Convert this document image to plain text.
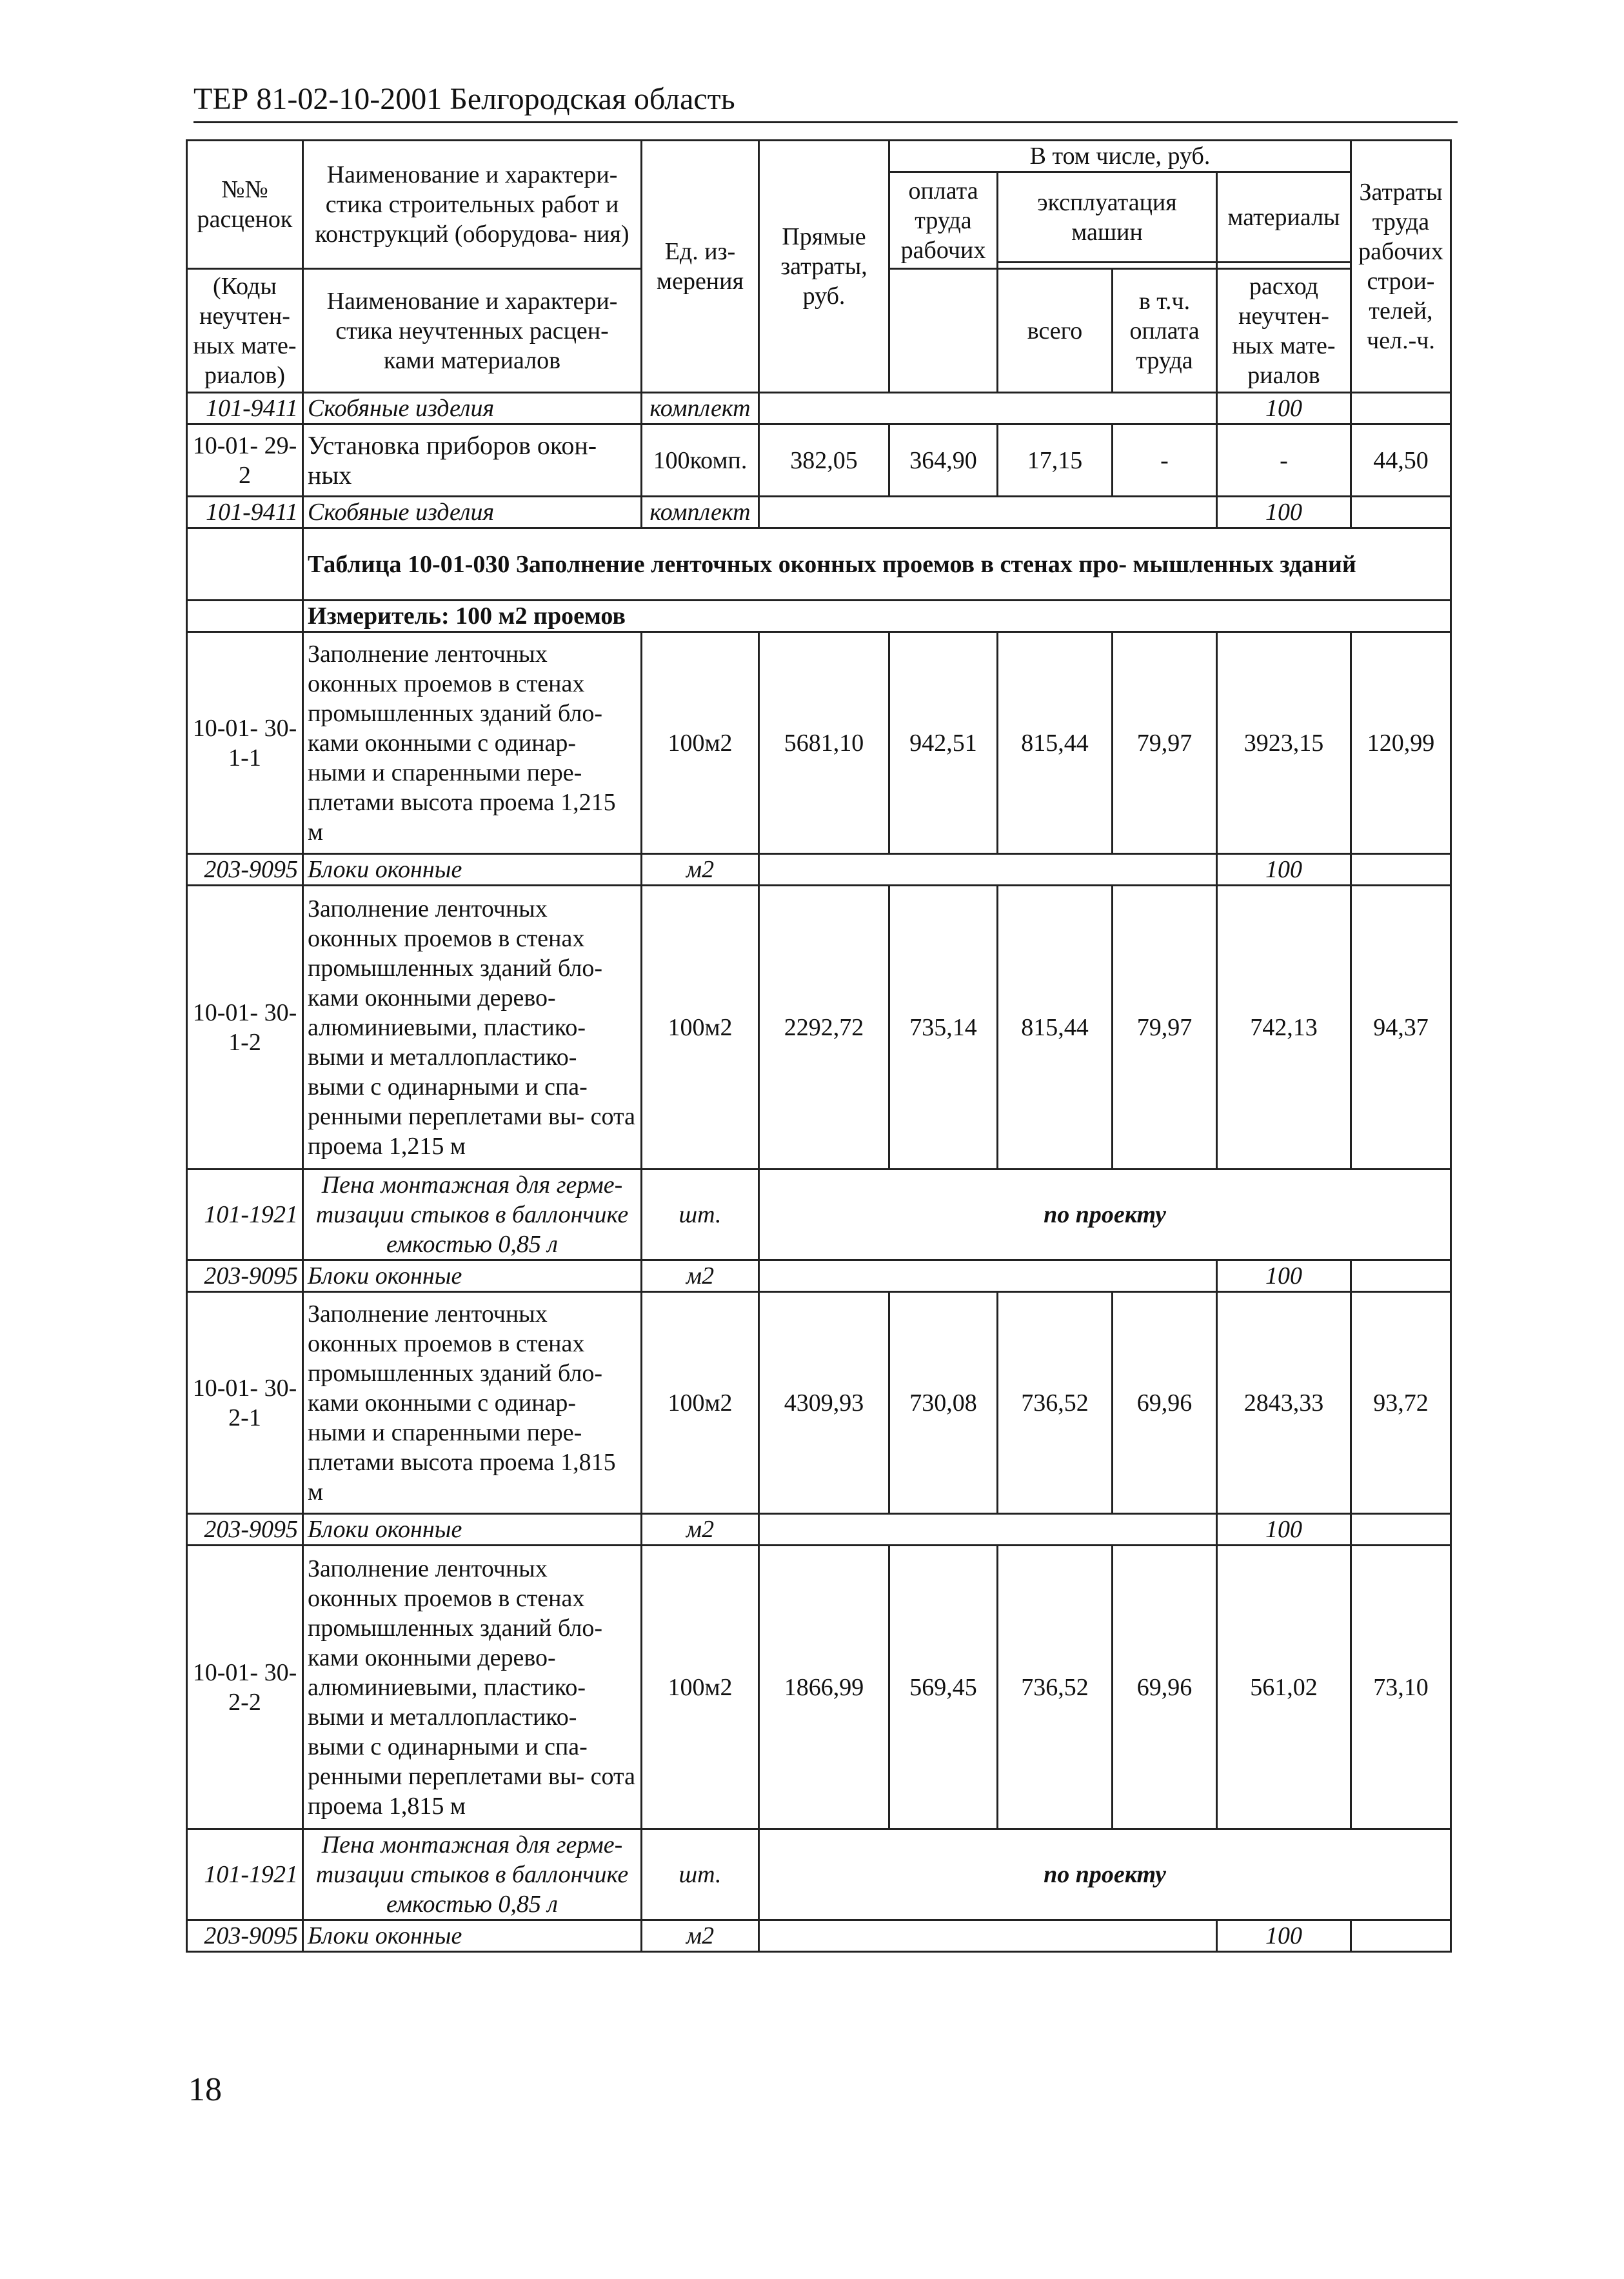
ТЕР 81-02-10-2001 Белгородская область
№№ расценок	Наименование и характери- стика строительных работ и конструкций (оборудова- ния)	Ед. из- мерения	Прямые затраты, руб.	В том числе, руб.				Затраты труда рабочих строи- телей, чел.-ч.
				оплата труда рабочих	эксплуатация машин		материалы	

(Коды неучтен- ных мате- риалов)	Наименование и характери- стика неучтенных расцен- ками материалов				всего	в т.ч. оплата труда	расход неучтен- ных мате- риалов	

101-9411	Скобяные изделия	комплект					100	
10-01- 29-2	Установка приборов окон- ных	100комп.	382,05	364,90	17,15	-	-	44,50
101-9411	Скобяные изделия	комплект					100	
	Таблица 10-01-030 Заполнение ленточных оконных проемов в стенах про- мышленных зданий							
	Измеритель: 100 м2 проемов							
10-01- 30-1-1	Заполнение ленточных оконных проемов в стенах промышленных зданий бло- ками оконными с одинар- ными и спаренными пере- плетами высота проема 1,215 м	100м2	5681,10	942,51	815,44	79,97	3923,15	120,99
203-9095	Блоки оконные	м2					100	
10-01- 30-1-2	Заполнение ленточных оконных проемов в стенах промышленных зданий бло- ками оконными дерево- алюминиевыми, пластико- выми и металлопластико- выми с одинарными и спа- ренными переплетами вы- сота проема 1,215 м	100м2	2292,72	735,14	815,44	79,97	742,13	94,37
101-1921	Пена монтажная для герме- тизации стыков в баллончике емкостью 0,85 л	шт.	по проекту					
203-9095	Блоки оконные	м2					100	
10-01- 30-2-1	Заполнение ленточных оконных проемов в стенах промышленных зданий бло- ками оконными с одинар- ными и спаренными пере- плетами высота проема 1,815 м	100м2	4309,93	730,08	736,52	69,96	2843,33	93,72
203-9095	Блоки оконные	м2					100	
10-01- 30-2-2	Заполнение ленточных оконных проемов в стенах промышленных зданий бло- ками оконными дерево- алюминиевыми, пластико- выми и металлопластико- выми с одинарными и спа- ренными переплетами вы- сота проема 1,815 м	100м2	1866,99	569,45	736,52	69,96	561,02	73,10
101-1921	Пена монтажная для герме- тизации стыков в баллончике емкостью 0,85 л	шт.	по проекту					
203-9095	Блоки оконные	м2					100	
18
